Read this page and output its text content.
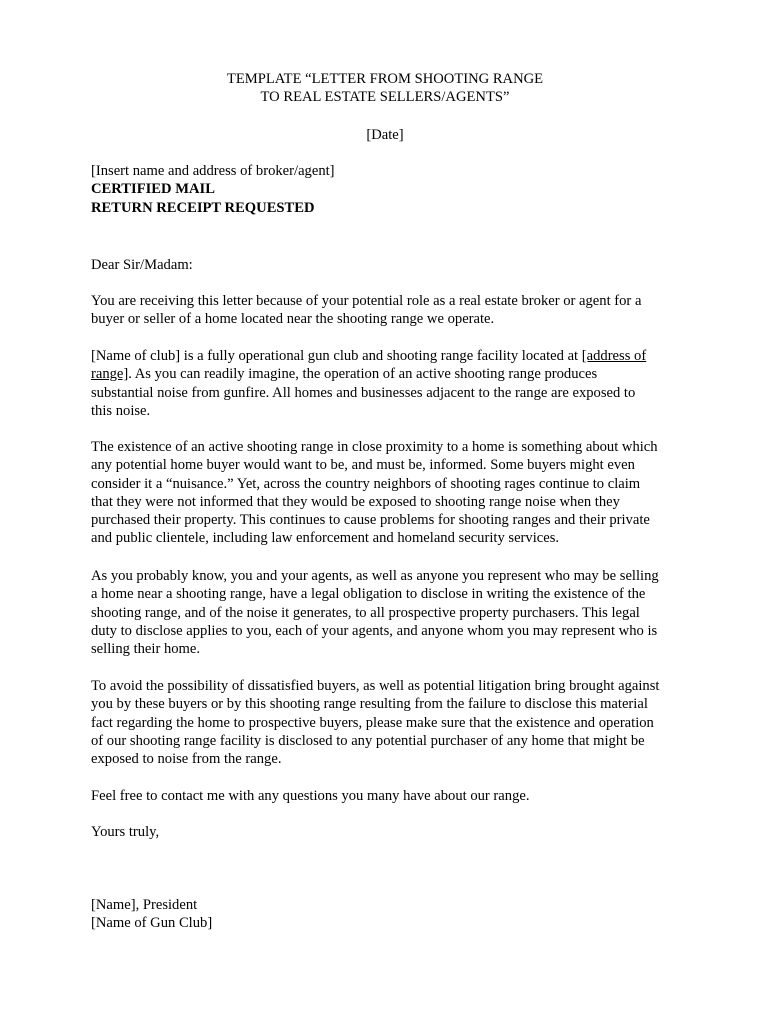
TEMPLATE “LETTER FROM SHOOTING RANGE
TO REAL ESTATE SELLERS/AGENTS”
[Date]
[Insert name and address of broker/agent]
CERTIFIED MAIL
RETURN RECEIPT REQUESTED
Dear Sir/Madam:
You are receiving this letter because of your potential role as a real estate broker or agent for a
buyer or seller of a home located near the shooting range we operate.
[Name of club] is a fully operational gun club and shooting range facility located at [address of
range]. As you can readily imagine, the operation of an active shooting range produces
substantial noise from gunfire. All homes and businesses adjacent to the range are exposed to
this noise.
The existence of an active shooting range in close proximity to a home is something about which
any potential home buyer would want to be, and must be, informed. Some buyers might even
consider it a “nuisance.” Yet, across the country neighbors of shooting rages continue to claim
that they were not informed that they would be exposed to shooting range noise when they
purchased their property. This continues to cause problems for shooting ranges and their private
and public clientele, including law enforcement and homeland security services.
As you probably know, you and your agents, as well as anyone you represent who may be selling
a home near a shooting range, have a legal obligation to disclose in writing the existence of the
shooting range, and of the noise it generates, to all prospective property purchasers. This legal
duty to disclose applies to you, each of your agents, and anyone whom you may represent who is
selling their home.
To avoid the possibility of dissatisfied buyers, as well as potential litigation bring brought against
you by these buyers or by this shooting range resulting from the failure to disclose this material
fact regarding the home to prospective buyers, please make sure that the existence and operation
of our shooting range facility is disclosed to any potential purchaser of any home that might be
exposed to noise from the range.
Feel free to contact me with any questions you many have about our range.
Yours truly,
[Name], President
[Name of Gun Club]
